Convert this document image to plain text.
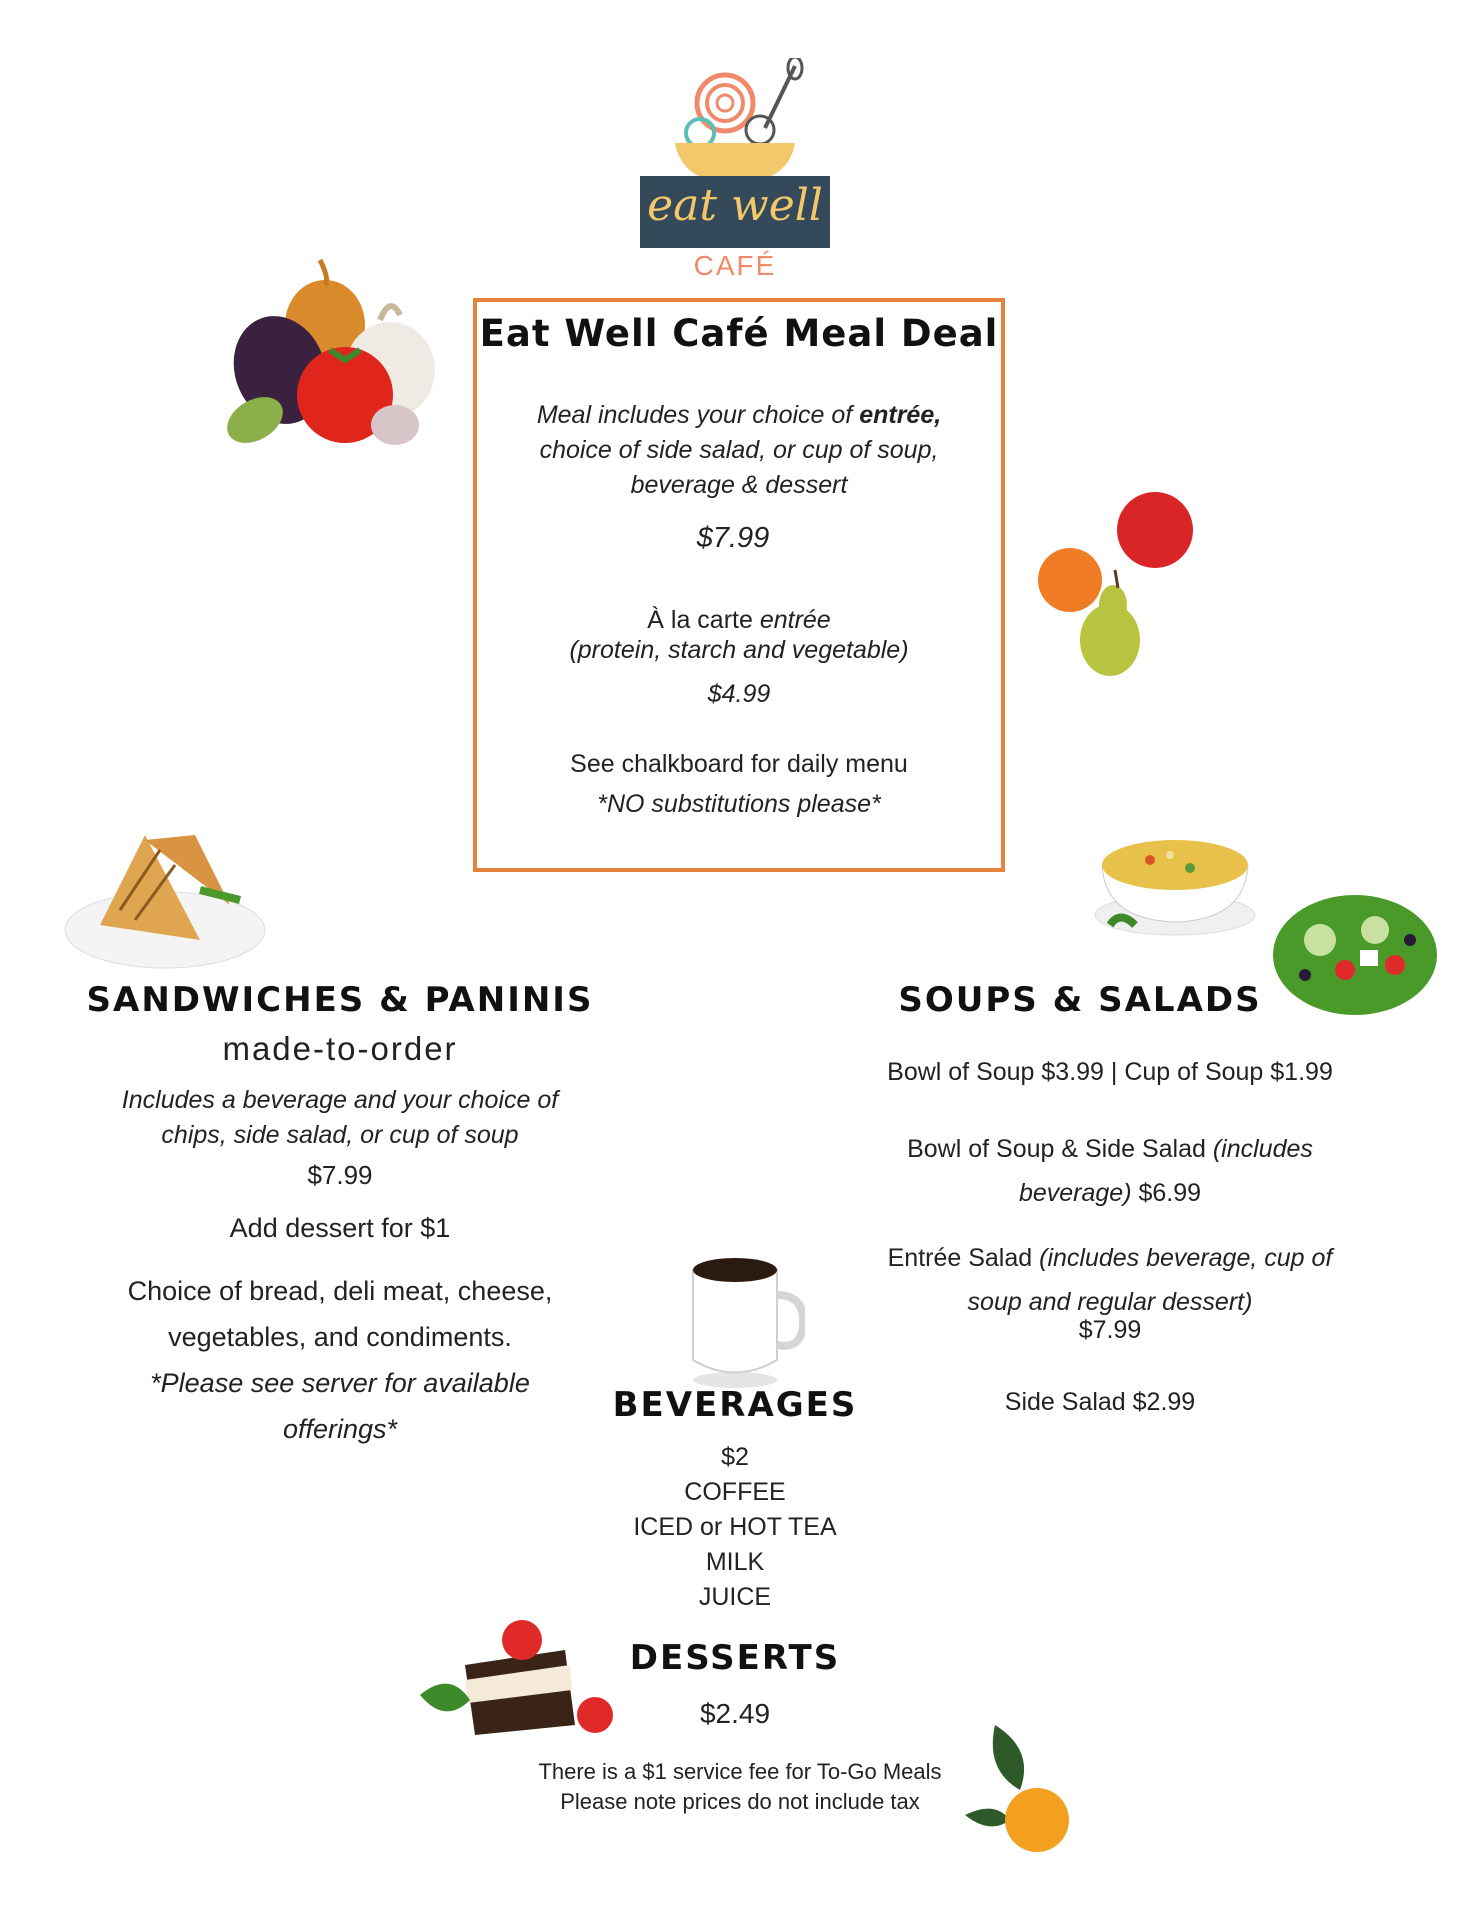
eat well
CAFÉ
Eat Well Café Meal Deal
Meal includes your choice of entrée,
choice of side salad, or cup of soup,
beverage & dessert
$7.99
À la carte entrée
(protein, starch and vegetable)
$4.99
See chalkboard for daily menu
*NO substitutions please*
SANDWICHES & PANINIS
made-to-order
Includes a beverage and your choice of
chips, side salad, or cup of soup
$7.99
Add dessert for $1
Choice of bread, deli meat, cheese,
vegetables, and condiments.
*Please see server for available
offerings*
SOUPS & SALADS
Bowl of Soup $3.99 | Cup of Soup $1.99
Bowl of Soup & Side Salad (includes
beverage) $6.99
Entrée Salad (includes beverage, cup of
soup and regular dessert)
$7.99
Side Salad $2.99
BEVERAGES
$2
COFFEE
ICED or HOT TEA
MILK
JUICE
DESSERTS
$2.49
There is a $1 service fee for To-Go Meals
Please note prices do not include tax
